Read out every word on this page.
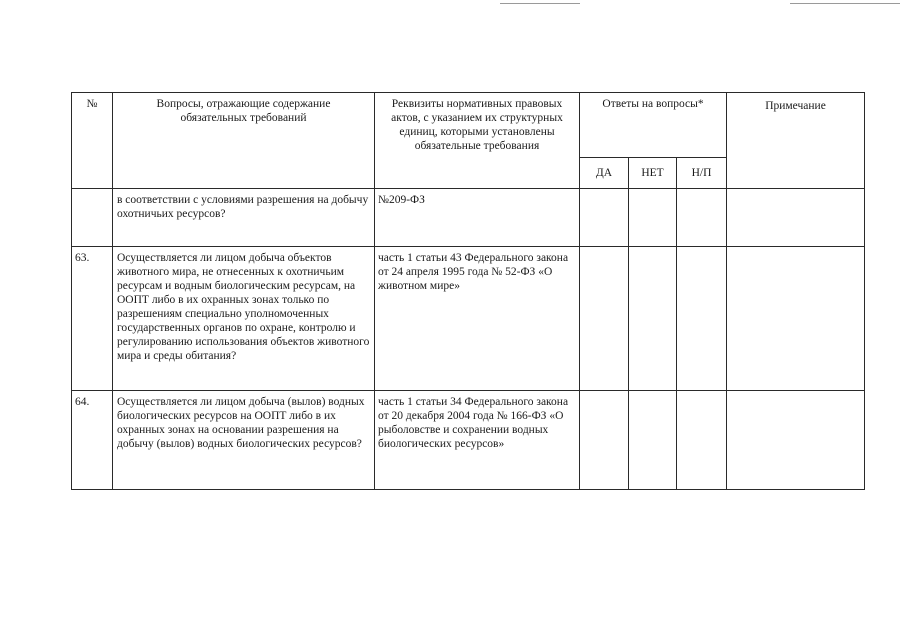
№	Вопросы, отражающие содержание обязательных требований	Реквизиты нормативных правовых актов, с указанием их структурных единиц, которыми установлены обязательные требования	Ответы на вопросы*			Примечание
			ДА	НЕТ	Н/П	
	в соответствии с условиями разрешения на добычу охотничьих ресурсов?	№209-ФЗ				
63.	Осуществляется ли лицом добыча объектов животного мира, не отнесенных к охотничьим ресурсам и водным биологическим ресурсам, на ООПТ либо в их охранных зонах только по разрешениям специально уполномоченных государственных органов по охране, контролю и регулированию использования объектов животного мира и среды обитания?	часть 1 статьи 43 Федерального закона от 24 апреля 1995 года № 52-ФЗ «О животном мире»				
64.	Осуществляется ли лицом добыча (вылов) водных биологических ресурсов на ООПТ либо в их охранных зонах на основании разрешения на добычу (вылов) водных биологических ресурсов?	часть 1 статьи 34 Федерального закона от 20 декабря 2004 года № 166-ФЗ «О рыболовстве и сохранении водных биологических ресурсов»				
